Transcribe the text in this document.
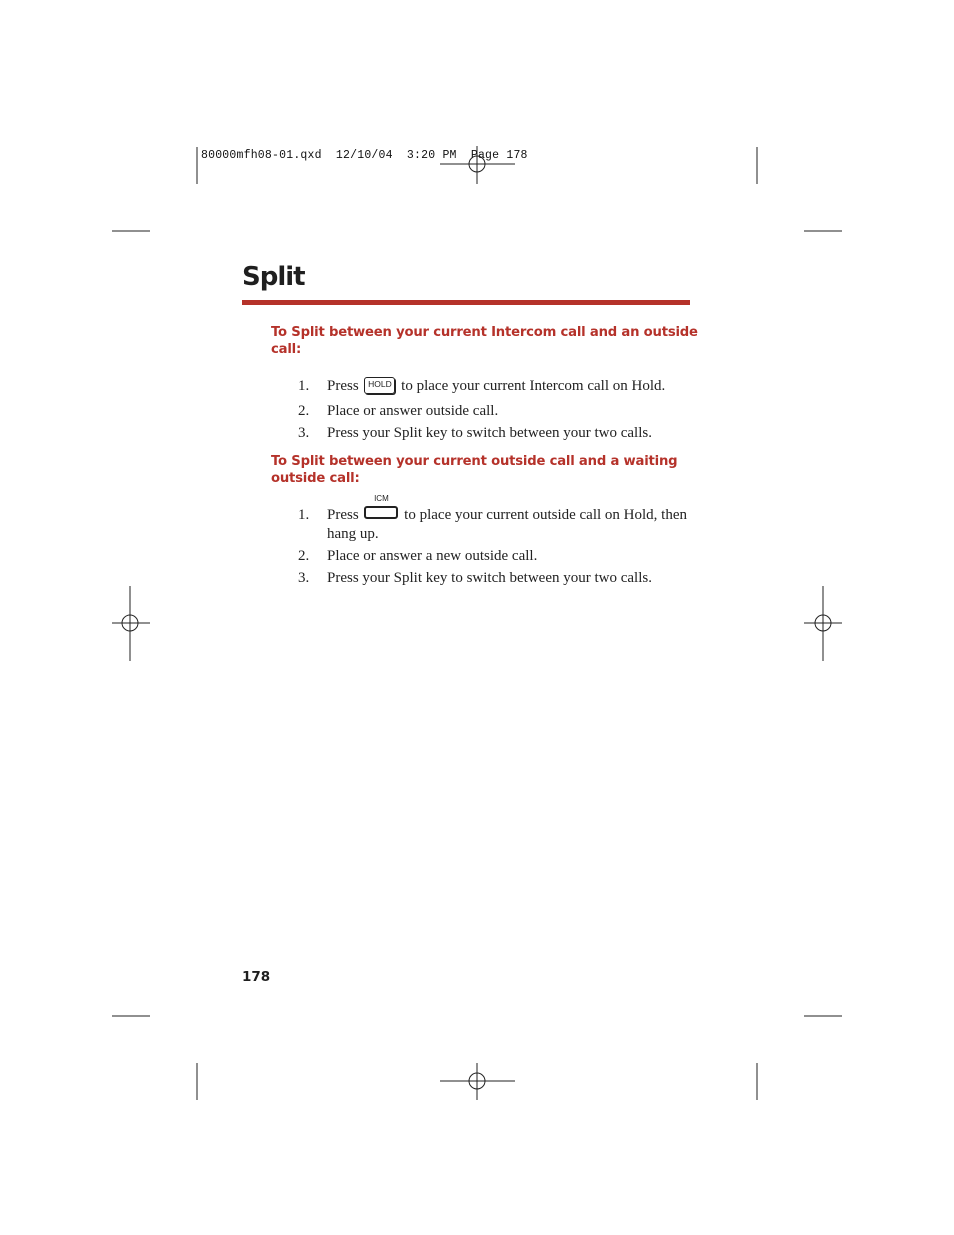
80000mfh08-01.qxd  12/10/04  3:20 PM  Page 178
Split
To Split between your current Intercom call and an outside call:
1. Press HOLD to place your current Intercom call on Hold.
2. Place or answer outside call.
3. Press your Split key to switch between your two calls.
To Split between your current outside call and a waiting outside call:
1. Press
ICM
to place your current outside call on Hold, then hang up.
2. Place or answer a new outside call.
3. Press your Split key to switch between your two calls.

178
